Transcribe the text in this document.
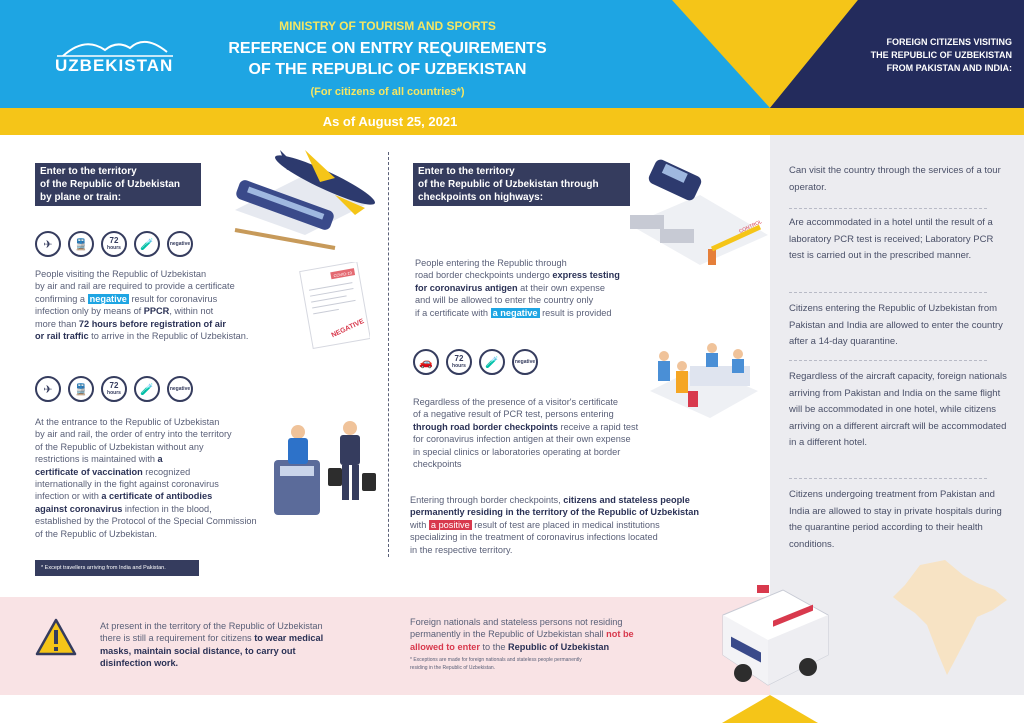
UZBEKISTAN
MINISTRY OF TOURISM AND SPORTS
REFERENCE ON ENTRY REQUIREMENTS
OF THE REPUBLIC OF UZBEKISTAN
(For citizens of all countries*)
FOREIGN CITIZENS VISITING
THE REPUBLIC OF UZBEKISTAN
FROM PAKISTAN AND INDIA:
As of August 25, 2021
Can visit the country through the services of a tour operator.
Are accommodated in a hotel until the result of a laboratory PCR test is received; Laboratory PCR test is carried out in the prescribed manner.
Citizens entering the Republic of Uzbekistan from Pakistan and India are allowed to enter the country after a 14-day quarantine.
Regardless of the aircraft capacity, foreign nationals arriving from Pakistan and India on the same flight will be accommodated in one hotel, while citizens arriving on a different aircraft will be accommodated in a different hotel.
Citizens undergoing treatment from Pakistan and India are allowed to stay in private hospitals during the quarantine period according to their health conditions.
Enter to the territory
of the Republic of Uzbekistan
by plane or train:
✈	🚆	72
hours	🧪	negative
People visiting the Republic of Uzbekistan
by air and rail are required to provide a certificate
confirming a negative result for coronavirus
infection only by means of PPCR, within not
more than 72 hours before registration of air
or rail traffic to arrive in the Republic of Uzbekistan.
COVID-19
NEGATIVE
✈	🚆	72
hours	🧪	negative
At the entrance to the Republic of Uzbekistan
by air and rail, the order of entry into the territory
of the Republic of Uzbekistan without any
restrictions is maintained with a
certificate of vaccination recognized
internationally in the fight against coronavirus
infection or with a certificate of antibodies
against coronavirus infection in the blood,
established by the Protocol of the Special Commission
of the Republic of Uzbekistan.
* Except travellers arriving from India and Pakistan.
Enter to the territory
of the Republic of Uzbekistan through
checkpoints on highways:
CONTROL
People entering the Republic through
road border checkpoints undergo express testing
for coronavirus antigen at their own expense
and will be allowed to enter the country only
if a certificate with a negative result is provided
🚗	72
hours	🧪	negative
Regardless of the presence of a visitor's certificate
of a negative result of PCR test, persons entering
through road border checkpoints receive a rapid test
for coronavirus infection antigen at their own expense
in special clinics or laboratories operating at border
checkpoints
Entering through border checkpoints, citizens and stateless people
permanently residing in the territory of the Republic of Uzbekistan
with a positive result of test are placed in medical institutions
specializing in the treatment of coronavirus infections located
in the respective territory.
At present in the territory of the Republic of Uzbekistan
there is still a requirement for citizens to wear medical
masks, maintain social distance, to carry out
disinfection work.
Foreign nationals and stateless persons not residing
permanently in the Republic of Uzbekistan shall not be
allowed to enter to the Republic of Uzbekistan
* Exceptions are made for foreign nationals and stateless people permanently
residing in the Republic of Uzbekistan.
